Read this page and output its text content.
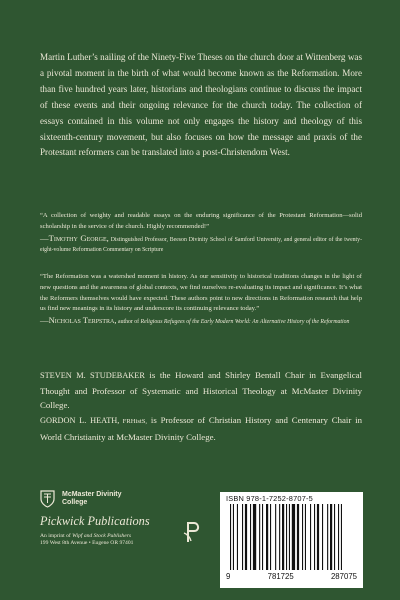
Martin Luther’s nailing of the Ninety-Five Theses on the church door at Wittenberg was a pivotal moment in the birth of what would become known as the Reformation. More than five hundred years later, historians and theologians continue to discuss the impact of these events and their ongoing relevance for the church today. The collection of essays contained in this volume not only engages the history and theology of this sixteenth-century movement, but also focuses on how the message and praxis of the Protestant reformers can be translated into a post-Christendom West.

“A collection of weighty and readable essays on the enduring significance of the Protestant Reformation—solid scholarship in the service of the church. Highly recommended!”
—Timothy George, Distinguished Professor, Beeson Divinity School of Samford University, and general editor of the twenty-eight-volume Reformation Commentary on Scripture

“The Reformation was a watershed moment in history. As our sensitivity to historical traditions changes in the light of new questions and the awareness of global contexts, we find ourselves re-evaluating its impact and significance. It’s what the Reformers themselves would have expected. These authors point to new directions in Reformation research that help us find new meanings in its history and underscore its continuing relevance today.”
—Nicholas Terpstra, author of Religious Refugees of the Early Modern World: An Alternative History of the Reformation

STEVEN M. STUDEBAKER is the Howard and Shirley Bentall Chair in Evangelical Thought and Professor of Systematic and Historical Theology at McMaster Divinity College.

GORDON L. HEATH, FRHistS, is Professor of Christian History and Centenary Chair in World Christianity at McMaster Divinity College.

McMaster Divinity
College
Pickwick Publications
An imprint of Wipf and Stock Publishers
199 West 8th Avenue • Eugene OR 97401
ISBN 978-1-7252-8707-5
9	781725	287075
